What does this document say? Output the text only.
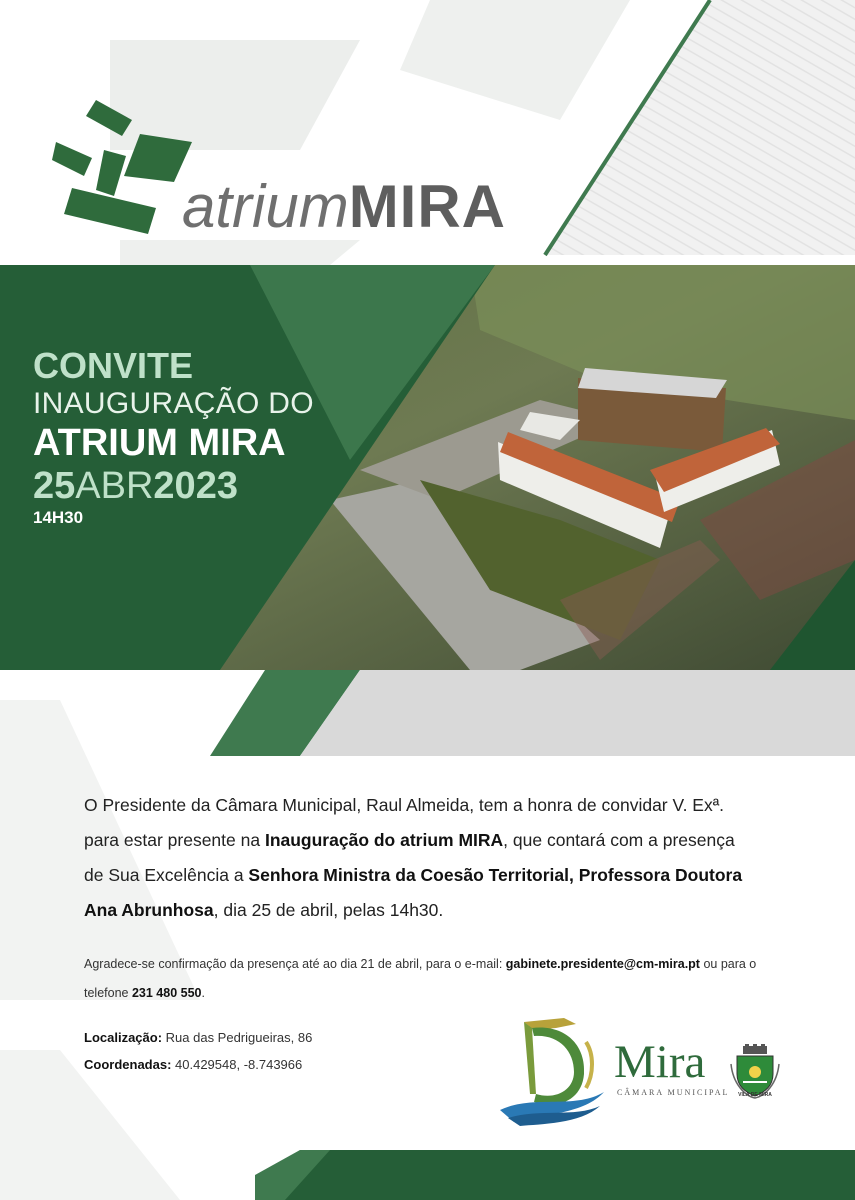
atriumMIRA
CONVITE
INAUGURAÇÃO DO
ATRIUM MIRA
25ABR2023
14H30
O Presidente da Câmara Municipal, Raul Almeida, tem a honra de convidar V. Exª.
para estar presente na Inauguração do atrium MIRA, que contará com a presença
de Sua Excelência a Senhora Ministra da Coesão Territorial, Professora Doutora
Ana Abrunhosa, dia 25 de abril, pelas 14h30.
Agradece-se confirmação da presença até ao dia 21 de abril, para o e-mail: gabinete.presidente@cm-mira.pt ou para o telefone 231 480 550.
Localização: Rua das Pedrigueiras, 86
Coordenadas: 40.429548, -8.743966	Mira
CÂMARA MUNICIPAL	VILA DE MIRA
